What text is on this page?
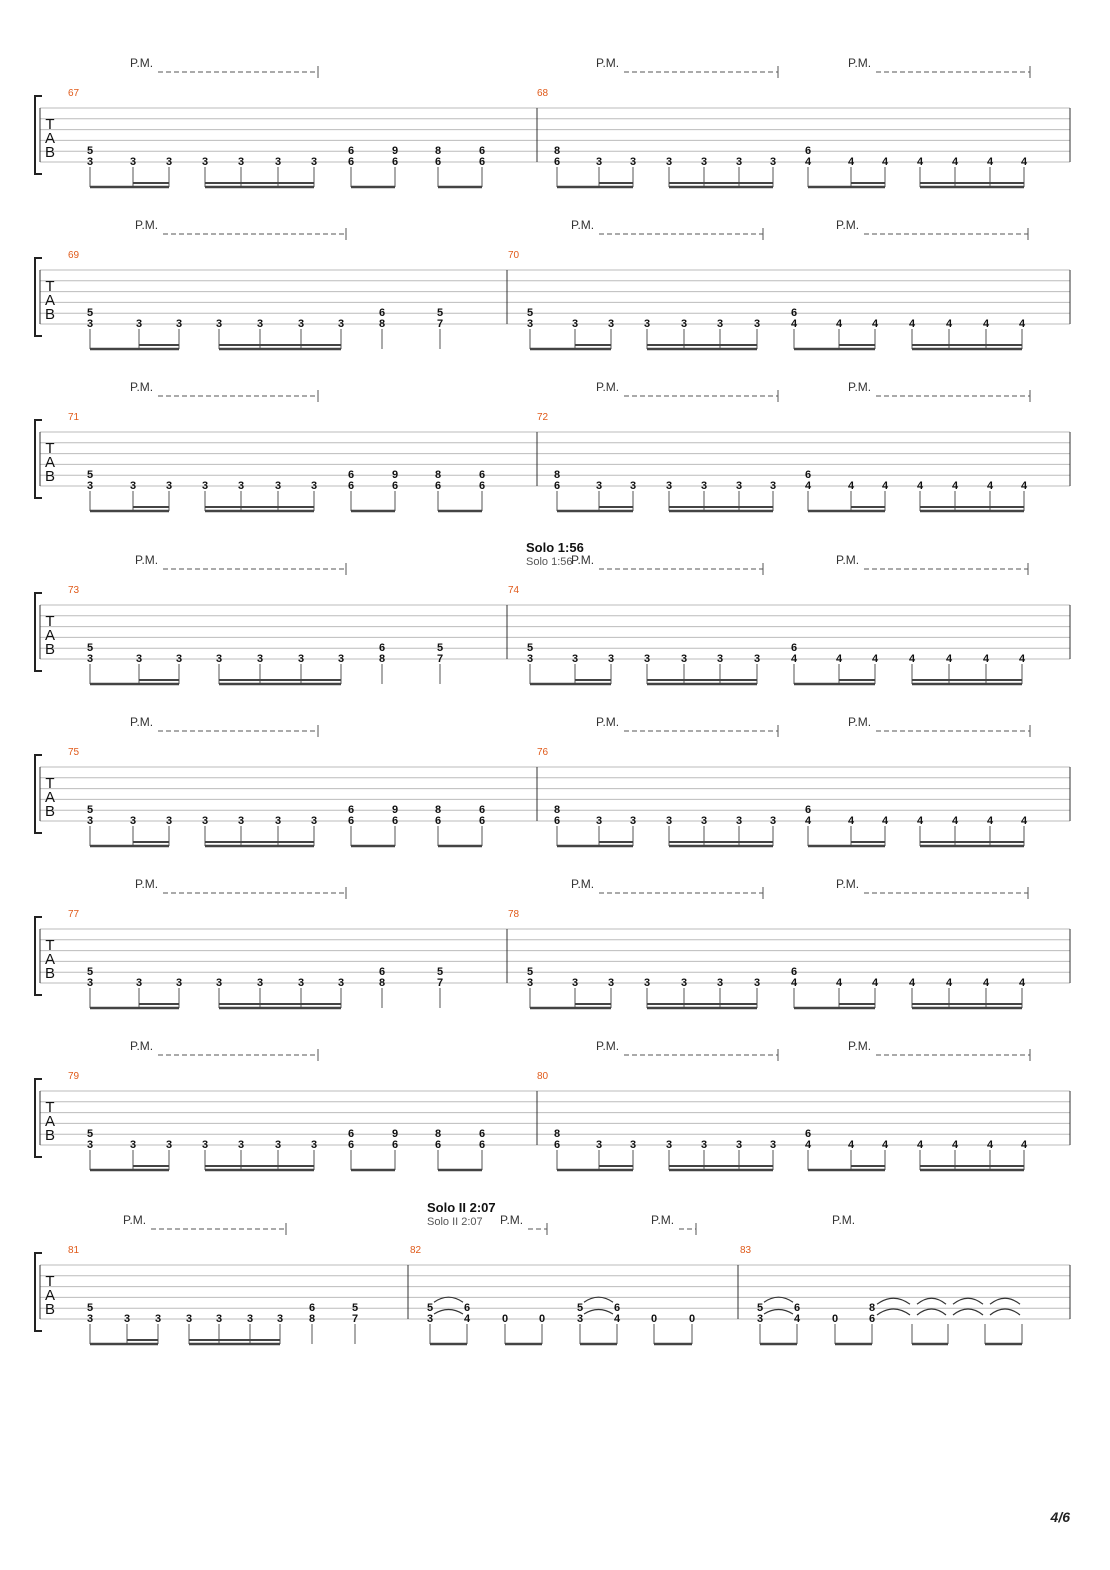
T
A
B
67	68
P.M.	P.M.	P.M.
5
3	3	3	3	3	3	3
6
6
9
6
8
6
6
6
8
6	3	3	3	3	3	3
6
4	4	4	4	4	4	4
T
A
B
69	70
P.M.	P.M.	P.M.
5
3	3	3	3	3	3	3
6
8
5
7
5
3	3	3	3	3	3	3
6
4	4	4	4	4	4	4
T
A
B
71	72
P.M.	P.M.	P.M.
5
3	3	3	3	3	3	3
6
6
9
6
8
6
6
6
8
6	3	3	3	3	3	3
6
4	4	4	4	4	4	4
T
A
B
73	74
P.M.	P.M.	P.M.
Solo 1:56
Solo 1:56
5
3	3	3	3	3	3	3
6
8
5
7
5
3	3	3	3	3	3	3
6
4	4	4	4	4	4	4
T
A
B
75	76
P.M.	P.M.	P.M.
5
3	3	3	3	3	3	3
6
6
9
6
8
6
6
6
8
6	3	3	3	3	3	3
6
4	4	4	4	4	4	4
T
A
B
77	78
P.M.	P.M.	P.M.
5
3	3	3	3	3	3	3
6
8
5
7
5
3	3	3	3	3	3	3
6
4	4	4	4	4	4	4
T
A
B
79	80
P.M.	P.M.	P.M.
5
3	3	3	3	3	3	3
6
6
9
6
8
6
6
6
8
6	3	3	3	3	3	3
6
4	4	4	4	4	4	4
T
A
B
81	82	83
P.M.	P.M.	P.M.	P.M.
Solo II 2:07
Solo II 2:07
5
3	3 3 3 3 3 3
6
8
5
7
5
3
6
4	0	0
5
3
6
4	0	0
5
3
6
4	0
8
6
4/6
